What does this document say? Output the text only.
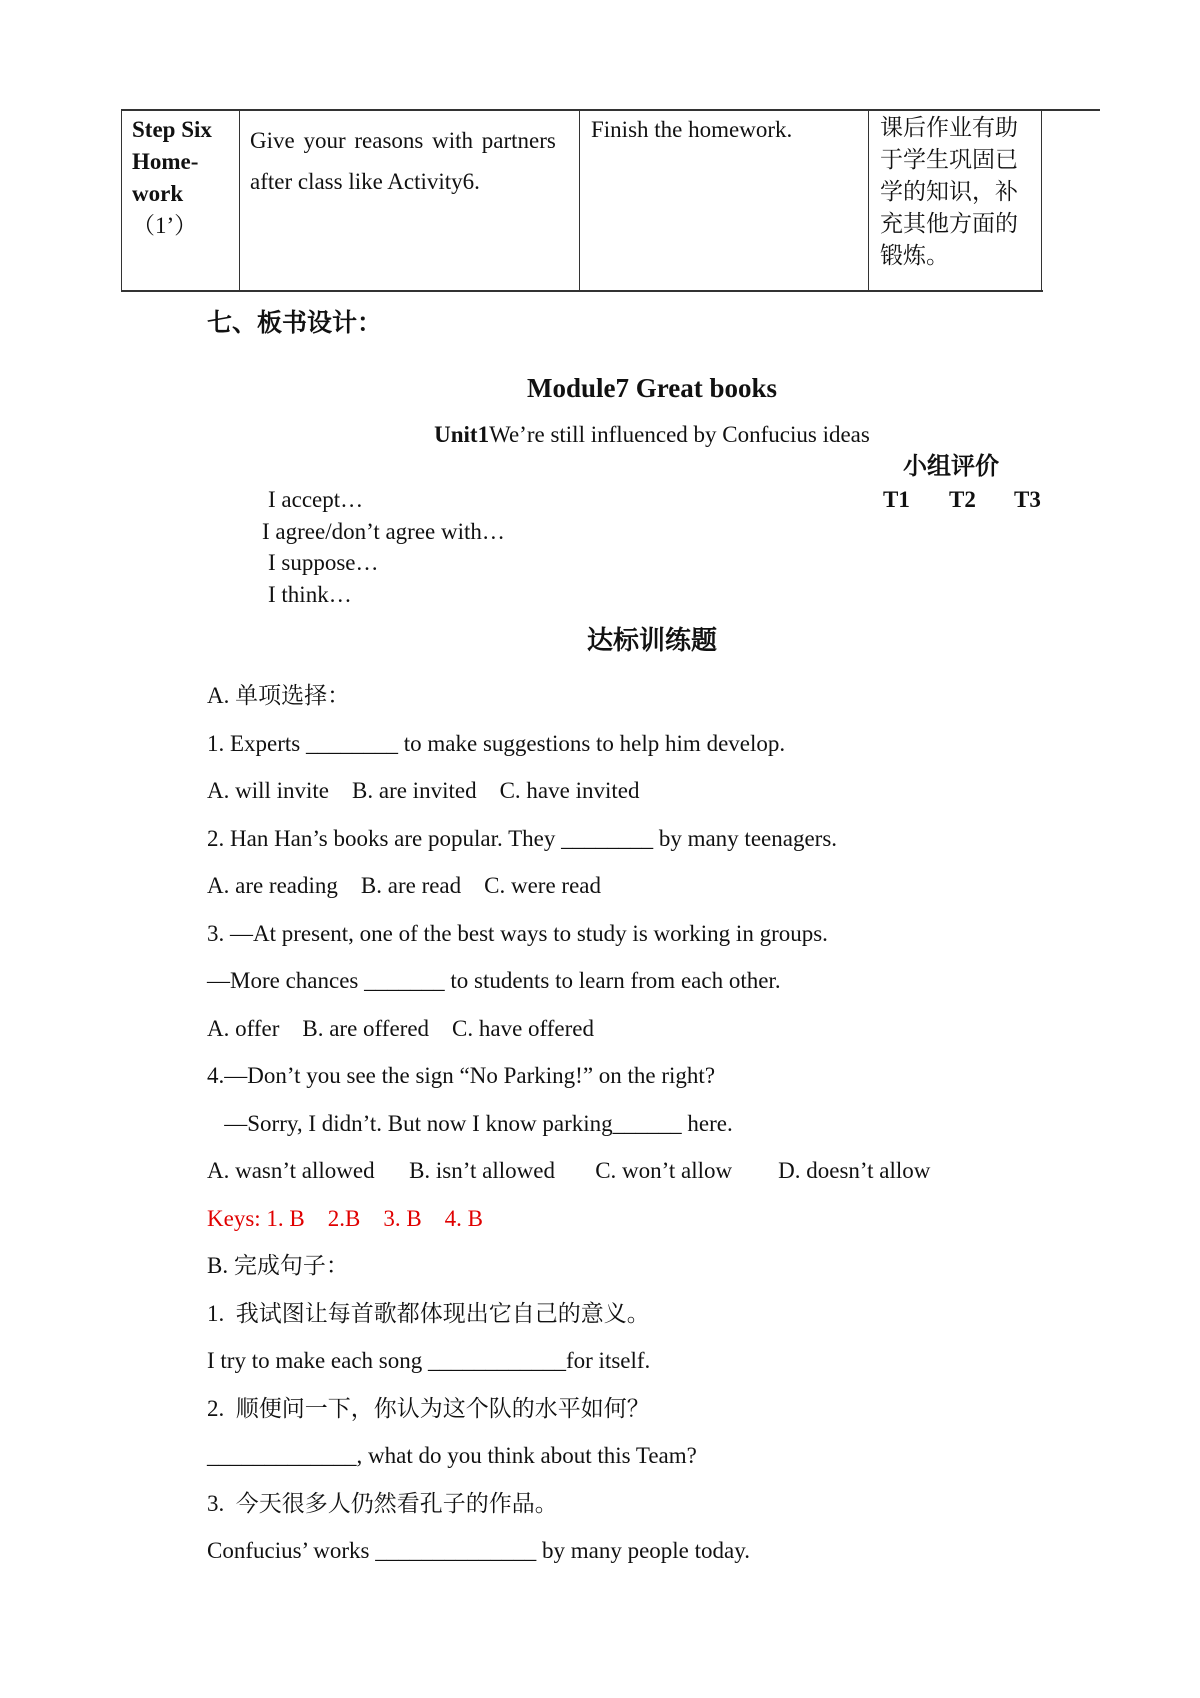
Step Six
Home-
work
（1’）
Give your reasons with partners
after class like Activity6.
Finish the homework.	课后作业有助
于学生巩固已
学的知识，补
充其他方面的
锻炼。
七、板书设计：
Module7 Great books
Unit1We’re still influenced by Confucius ideas
小组评价
T1 T2 T3
I accept…
I agree/don’t agree with…
I suppose…
I think…
达标训练题
A. 单项选择：
1. Experts ________ to make suggestions to help him develop.
A. will invite    B. are invited    C. have invited
2. Han Han’s books are popular. They ________ by many teenagers.
A. are reading    B. are read    C. were read
3. —At present, one of the best ways to study is working in groups.
—More chances _______ to students to learn from each other.
A. offer    B. are offered    C. have offered
4.—Don’t you see the sign “No Parking!” on the right?
—Sorry, I didn’t. But now I know parking______ here.
A. wasn’t allowed      B. isn’t allowed       C. won’t allow        D. doesn’t allow
Keys: 1. B    2.B    3. B    4. B
B. 完成句子：
1.  我试图让每首歌都体现出它自己的意义。
I try to make each song ____________for itself.
2.  顺便问一下，你认为这个队的水平如何？
_____________, what do you think about this Team?
3.  今天很多人仍然看孔子的作品。
Confucius’ works ______________ by many people today.
